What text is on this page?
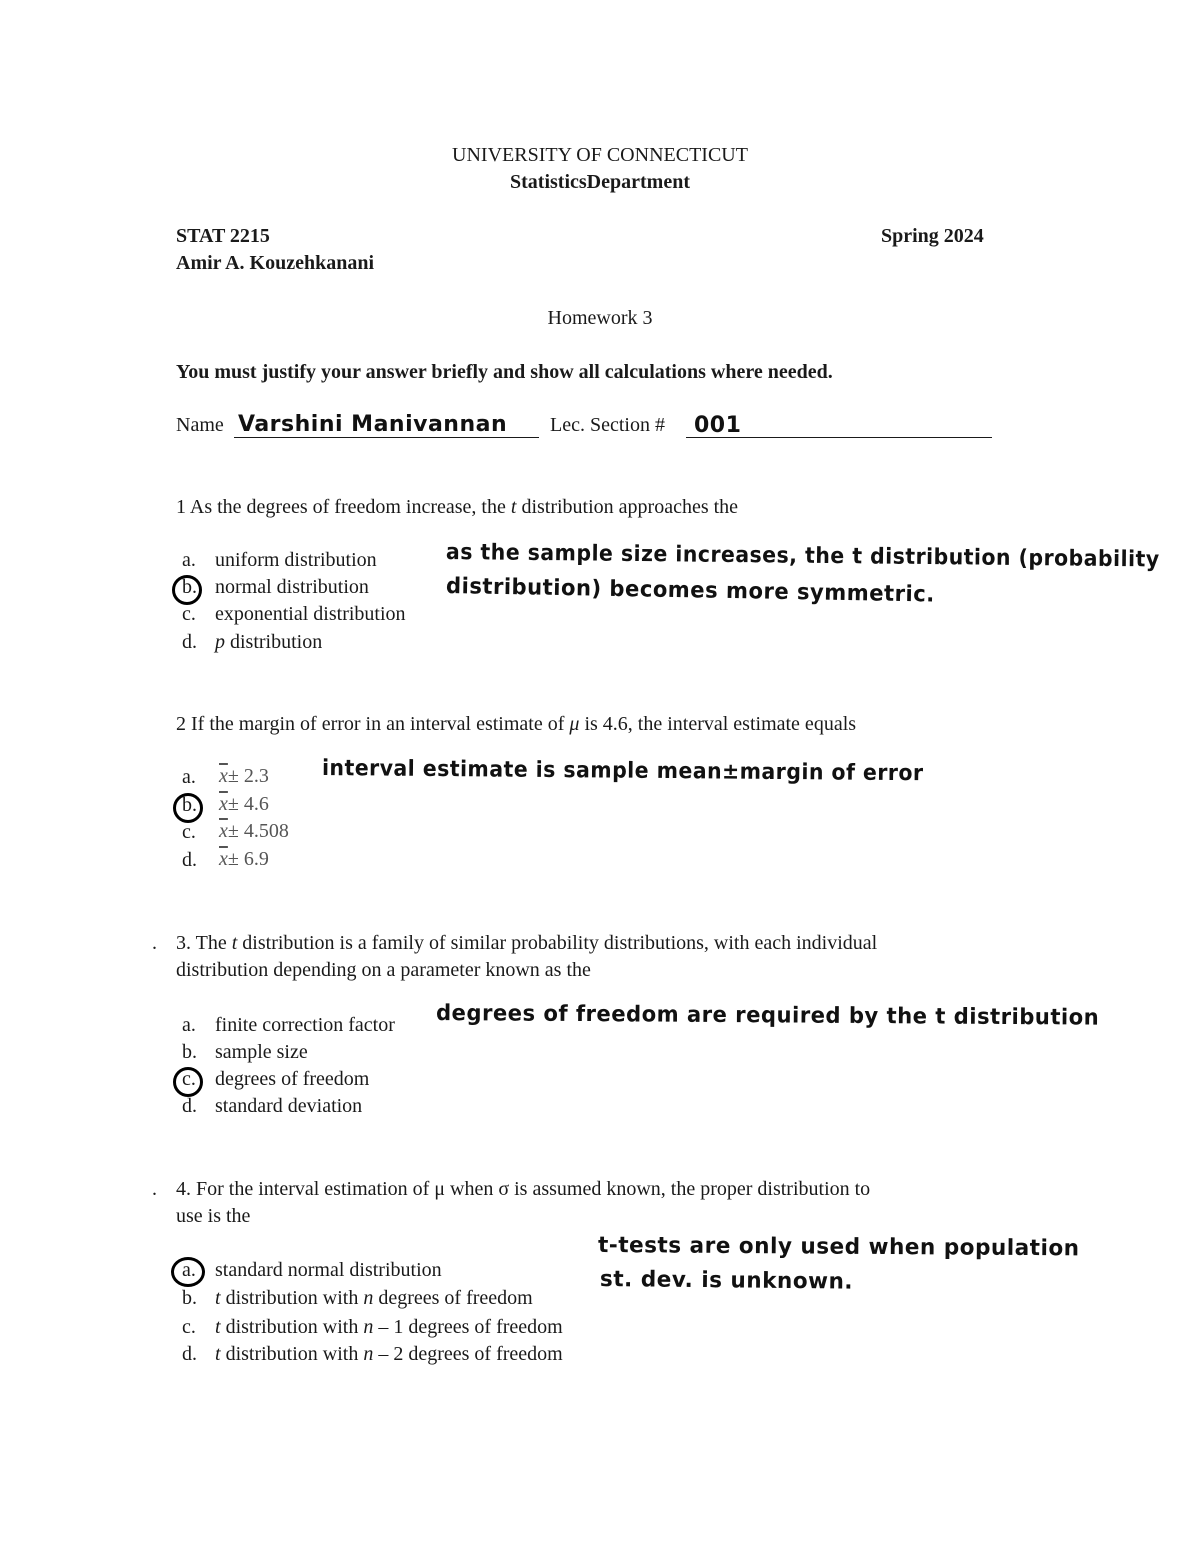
UNIVERSITY OF CONNECTICUT
StatisticsDepartment
STAT 2215	Spring 2024
Amir A. Kouzehkanani
Homework 3
You must justify your answer briefly and show all calculations where needed.
Name Varshini Manivannan Lec. Section # 001
1 As the degrees of freedom increase, the t distribution approaches the
a. uniform distribution
b. normal distribution
c. exponential distribution
d. p distribution
as the sample size increases, the t distribution (probability
distribution) becomes more symmetric.
2 If the margin of error in an interval estimate of μ is 4.6, the interval estimate equals
a. $\overline{x}\pm 2.3$
b. $\overline{x}\pm 4.6$
c. $\overline{x}\pm 4.508$
d. $\overline{x}\pm 6.9$
interval estimate is sample mean±margin of error
. 3. The t distribution is a family of similar probability distributions, with each individual
distribution depending on a parameter known as the
a. finite correction factor
b. sample size
c. degrees of freedom
d. standard deviation
degrees of freedom are required by the t distribution
. 4. For the interval estimation of μ when σ is assumed known, the proper distribution to
use is the
a. standard normal distribution
b. t distribution with n degrees of freedom
c. t distribution with n – 1 degrees of freedom
d. t distribution with n – 2 degrees of freedom
t-tests are only used when population
st. dev. is unknown.
